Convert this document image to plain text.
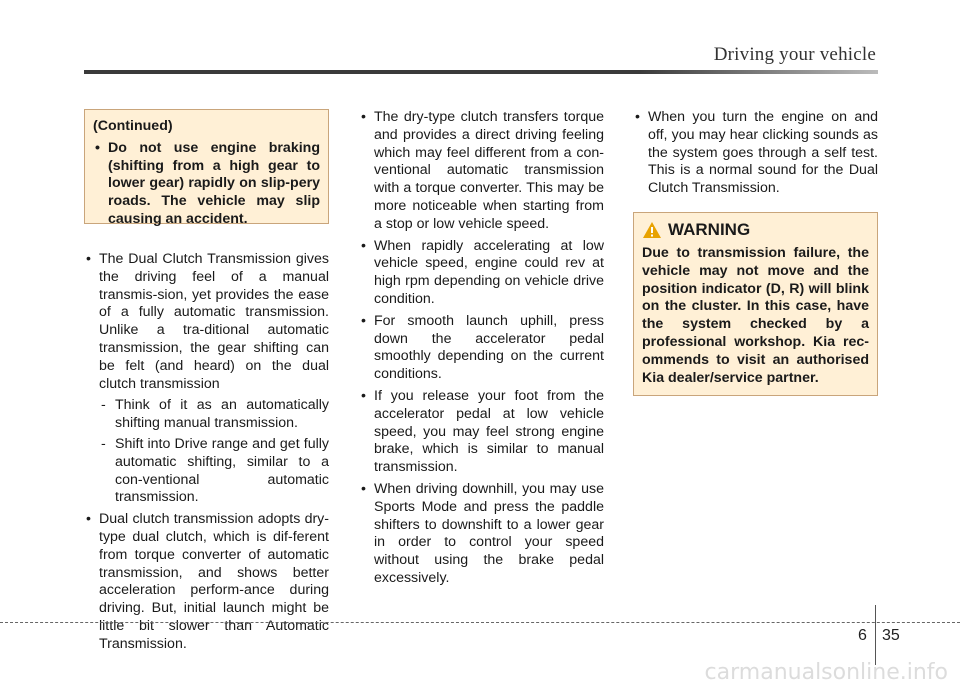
Driving your vehicle
(Continued)
• Do not use engine braking (shifting from a high gear to lower gear) rapidly on slip-pery roads. The vehicle may slip causing an accident.
• The Dual Clutch Transmission gives the driving feel of a manual transmis-sion, yet provides the ease of a fully automatic transmission. Unlike a tra-ditional automatic transmission, the gear shifting can be felt (and heard) on the dual clutch transmission
- Think of it as an automatically shifting manual transmission.
- Shift into Drive range and get fully automatic shifting, similar to a con-ventional automatic transmission.
• Dual clutch transmission adopts dry-type dual clutch, which is dif-ferent from torque converter of automatic transmission, and shows better acceleration perform-ance during driving. But, initial launch might be little bit slower than Automatic Transmission.
• The dry-type clutch transfers torque and provides a direct driving feeling which may feel different from a con-ventional automatic transmission with a torque converter. This may be more noticeable when starting from a stop or low vehicle speed.
• When rapidly accelerating at low vehicle speed, engine could rev at high rpm depending on vehicle drive condition.
• For smooth launch uphill, press down the accelerator pedal smoothly depending on the current conditions.
• If you release your foot from the accelerator pedal at low vehicle speed, you may feel strong engine brake, which is similar to manual transmission.
• When driving downhill, you may use Sports Mode and press the paddle shifters to downshift to a lower gear in order to control your speed without using the brake pedal excessively.
• When you turn the engine on and off, you may hear clicking sounds as the system goes through a self test. This is a normal sound for the Dual Clutch Transmission.
WARNING
Due to transmission failure, the vehicle may not move and the position indicator (D, R) will blink on the cluster. In this case, have the system checked by a professional workshop. Kia rec-ommends to visit an authorised Kia dealer/service partner.
6 35
carmanualsonline.info
